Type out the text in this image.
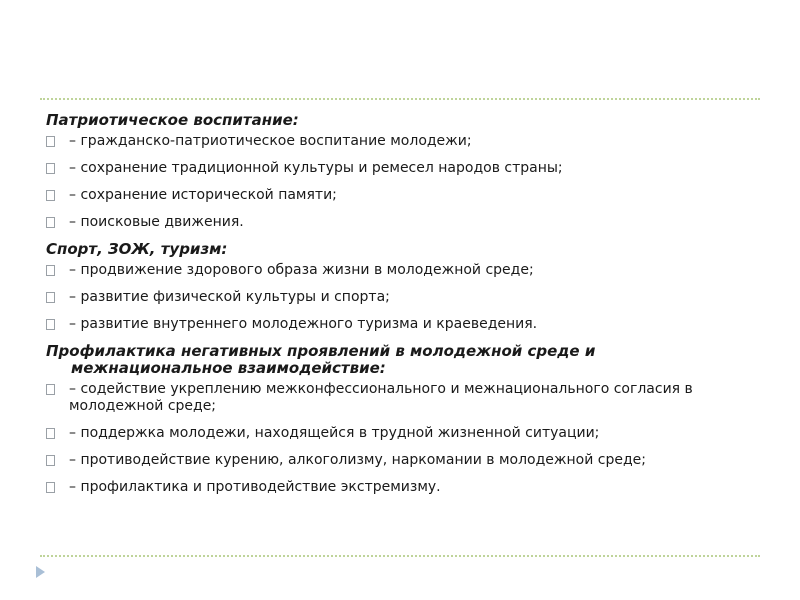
Патриотическое воспитание:
– гражданско-патриотическое воспитание молодежи;
– сохранение традиционной культуры и ремесел народов страны;
– сохранение исторической памяти;
– поисковые движения.
Спорт, ЗОЖ, туризм:
– продвижение здорового образа жизни в молодежной среде;
– развитие физической культуры и спорта;
– развитие внутреннего молодежного туризма и краеведения.
Профилактика негативных проявлений в молодежной среде и межнациональное взаимодействие:
– содействие укреплению межконфессионального и межнационального согласия в молодежной среде;
– поддержка молодежи, находящейся в трудной жизненной ситуации;
– противодействие курению, алкоголизму, наркомании в молодежной среде;
– профилактика и противодействие экстремизму.
